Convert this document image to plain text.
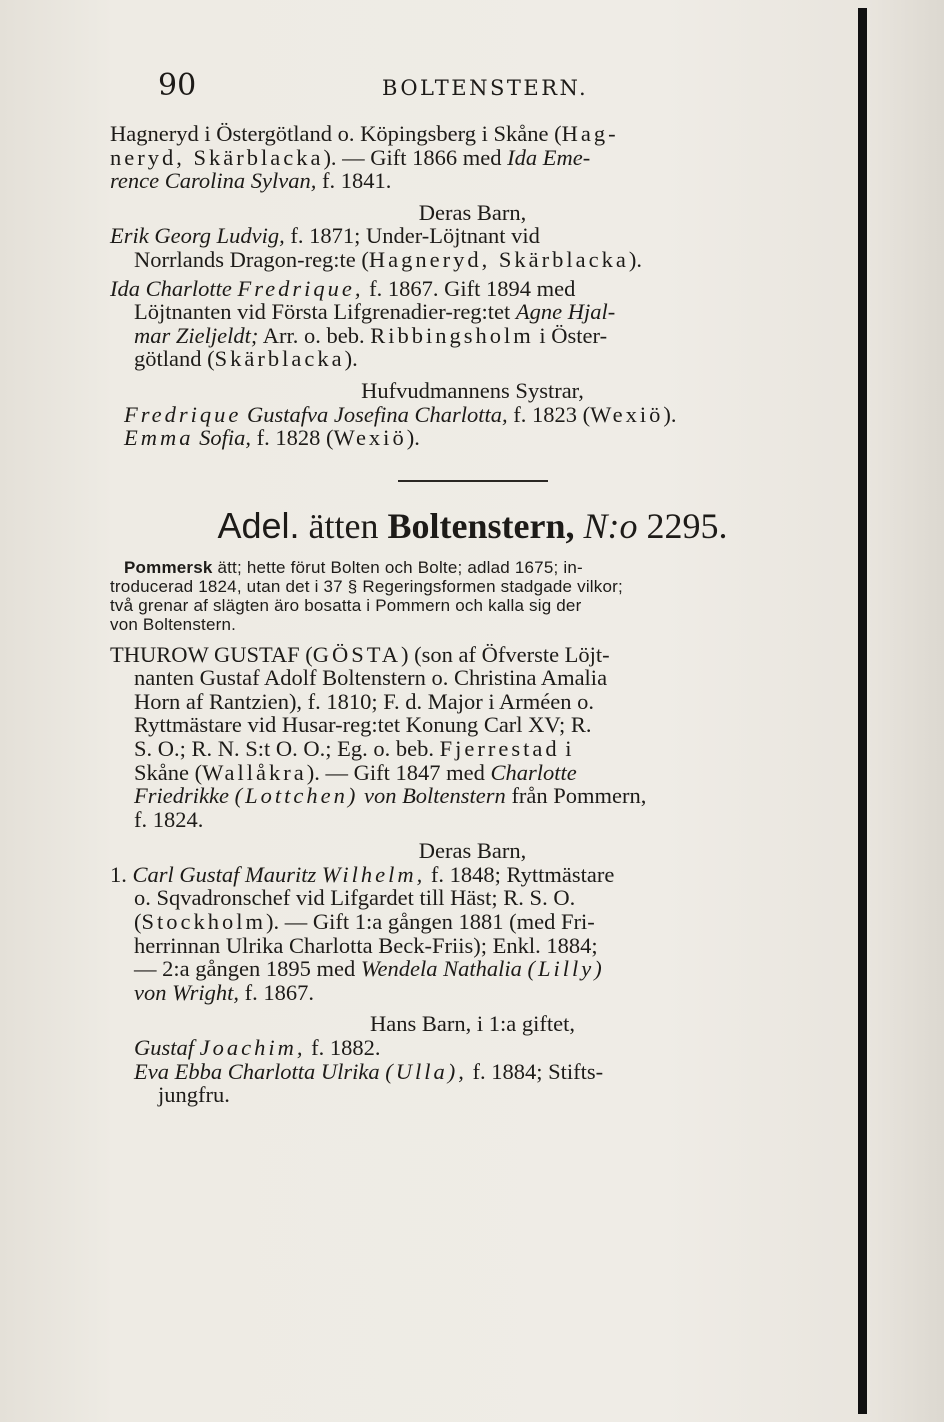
90	BOLTENSTERN.
Hagneryd i Östergötland o. Köpingsberg i Skåne (Hag-
neryd, Skärblacka). — Gift 1866 med Ida Eme-
rence Carolina Sylvan, f. 1841.
Deras Barn,
Erik Georg Ludvig, f. 1871; Under-Löjtnant vid
Norrlands Dragon-reg:te (Hagneryd, Skärblacka).
Ida Charlotte Fredrique, f. 1867. Gift 1894 med
Löjtnanten vid Första Lifgrenadier-reg:tet Agne Hjal-
mar Zieljeldt; Arr. o. beb. Ribbingsholm i Öster-
götland (Skärblacka).
Hufvudmannens Systrar,
Fredrique Gustafva Josefina Charlotta, f. 1823 (Wexiö).
Emma Sofia, f. 1828 (Wexiö).
Adel. ätten Boltenstern, N:o 2295.
Pommersk ätt; hette förut Bolten och Bolte; adlad 1675; in-
troducerad 1824, utan det i 37 § Regeringsformen stadgade vilkor;
två grenar af slägten äro bosatta i Pommern och kalla sig der
von Boltenstern.
THUROW GUSTAF (GÖSTA) (son af Öfverste Löjt-
nanten Gustaf Adolf Boltenstern o. Christina Amalia
Horn af Rantzien), f. 1810; F. d. Major i Arméen o.
Ryttmästare vid Husar-reg:tet Konung Carl XV; R.
S. O.; R. N. S:t O. O.; Eg. o. beb. Fjerrestad i
Skåne (Wallåkra). — Gift 1847 med Charlotte
Friedrikke (Lottchen) von Boltenstern från Pommern,
f. 1824.
Deras Barn,
1. Carl Gustaf Mauritz Wilhelm, f. 1848; Ryttmästare
o. Sqvadronschef vid Lifgardet till Häst; R. S. O.
(Stockholm). — Gift 1:a gången 1881 (med Fri-
herrinnan Ulrika Charlotta Beck-Friis); Enkl. 1884;
— 2:a gången 1895 med Wendela Nathalia (Lilly)
von Wright, f. 1867.
Hans Barn, i 1:a giftet,
Gustaf Joachim, f. 1882.
Eva Ebba Charlotta Ulrika (Ulla), f. 1884; Stifts-
jungfru.
